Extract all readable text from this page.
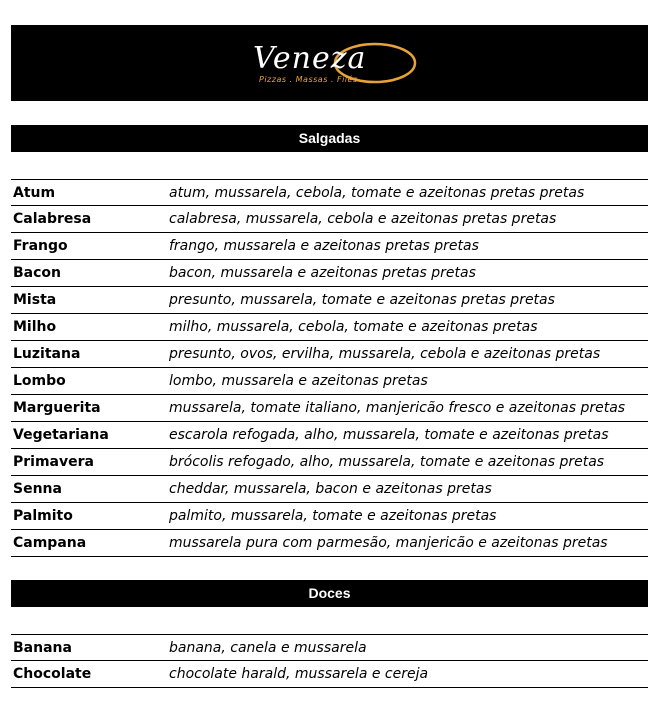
Veneza
Pizzas . Massas . Filés
Salgadas
Atum	atum, mussarela, cebola, tomate e azeitonas pretas pretas
Calabresa	calabresa, mussarela, cebola e azeitonas pretas pretas
Frango	frango, mussarela e azeitonas pretas pretas
Bacon	bacon, mussarela e azeitonas pretas pretas
Mista	presunto, mussarela, tomate e azeitonas pretas pretas
Milho	milho, mussarela, cebola, tomate e azeitonas pretas
Luzitana	presunto, ovos, ervilha, mussarela, cebola e azeitonas pretas
Lombo	lombo, mussarela e azeitonas pretas
Marguerita	mussarela, tomate italiano, manjericão fresco e azeitonas pretas
Vegetariana	escarola refogada, alho, mussarela, tomate e azeitonas pretas
Primavera	brócolis refogado, alho, mussarela, tomate e azeitonas pretas
Senna	cheddar, mussarela, bacon e azeitonas pretas
Palmito	palmito, mussarela, tomate e azeitonas pretas
Campana	mussarela pura com parmesão, manjericão e azeitonas pretas
Doces
Banana	banana, canela e mussarela
Chocolate	chocolate harald, mussarela e cereja
